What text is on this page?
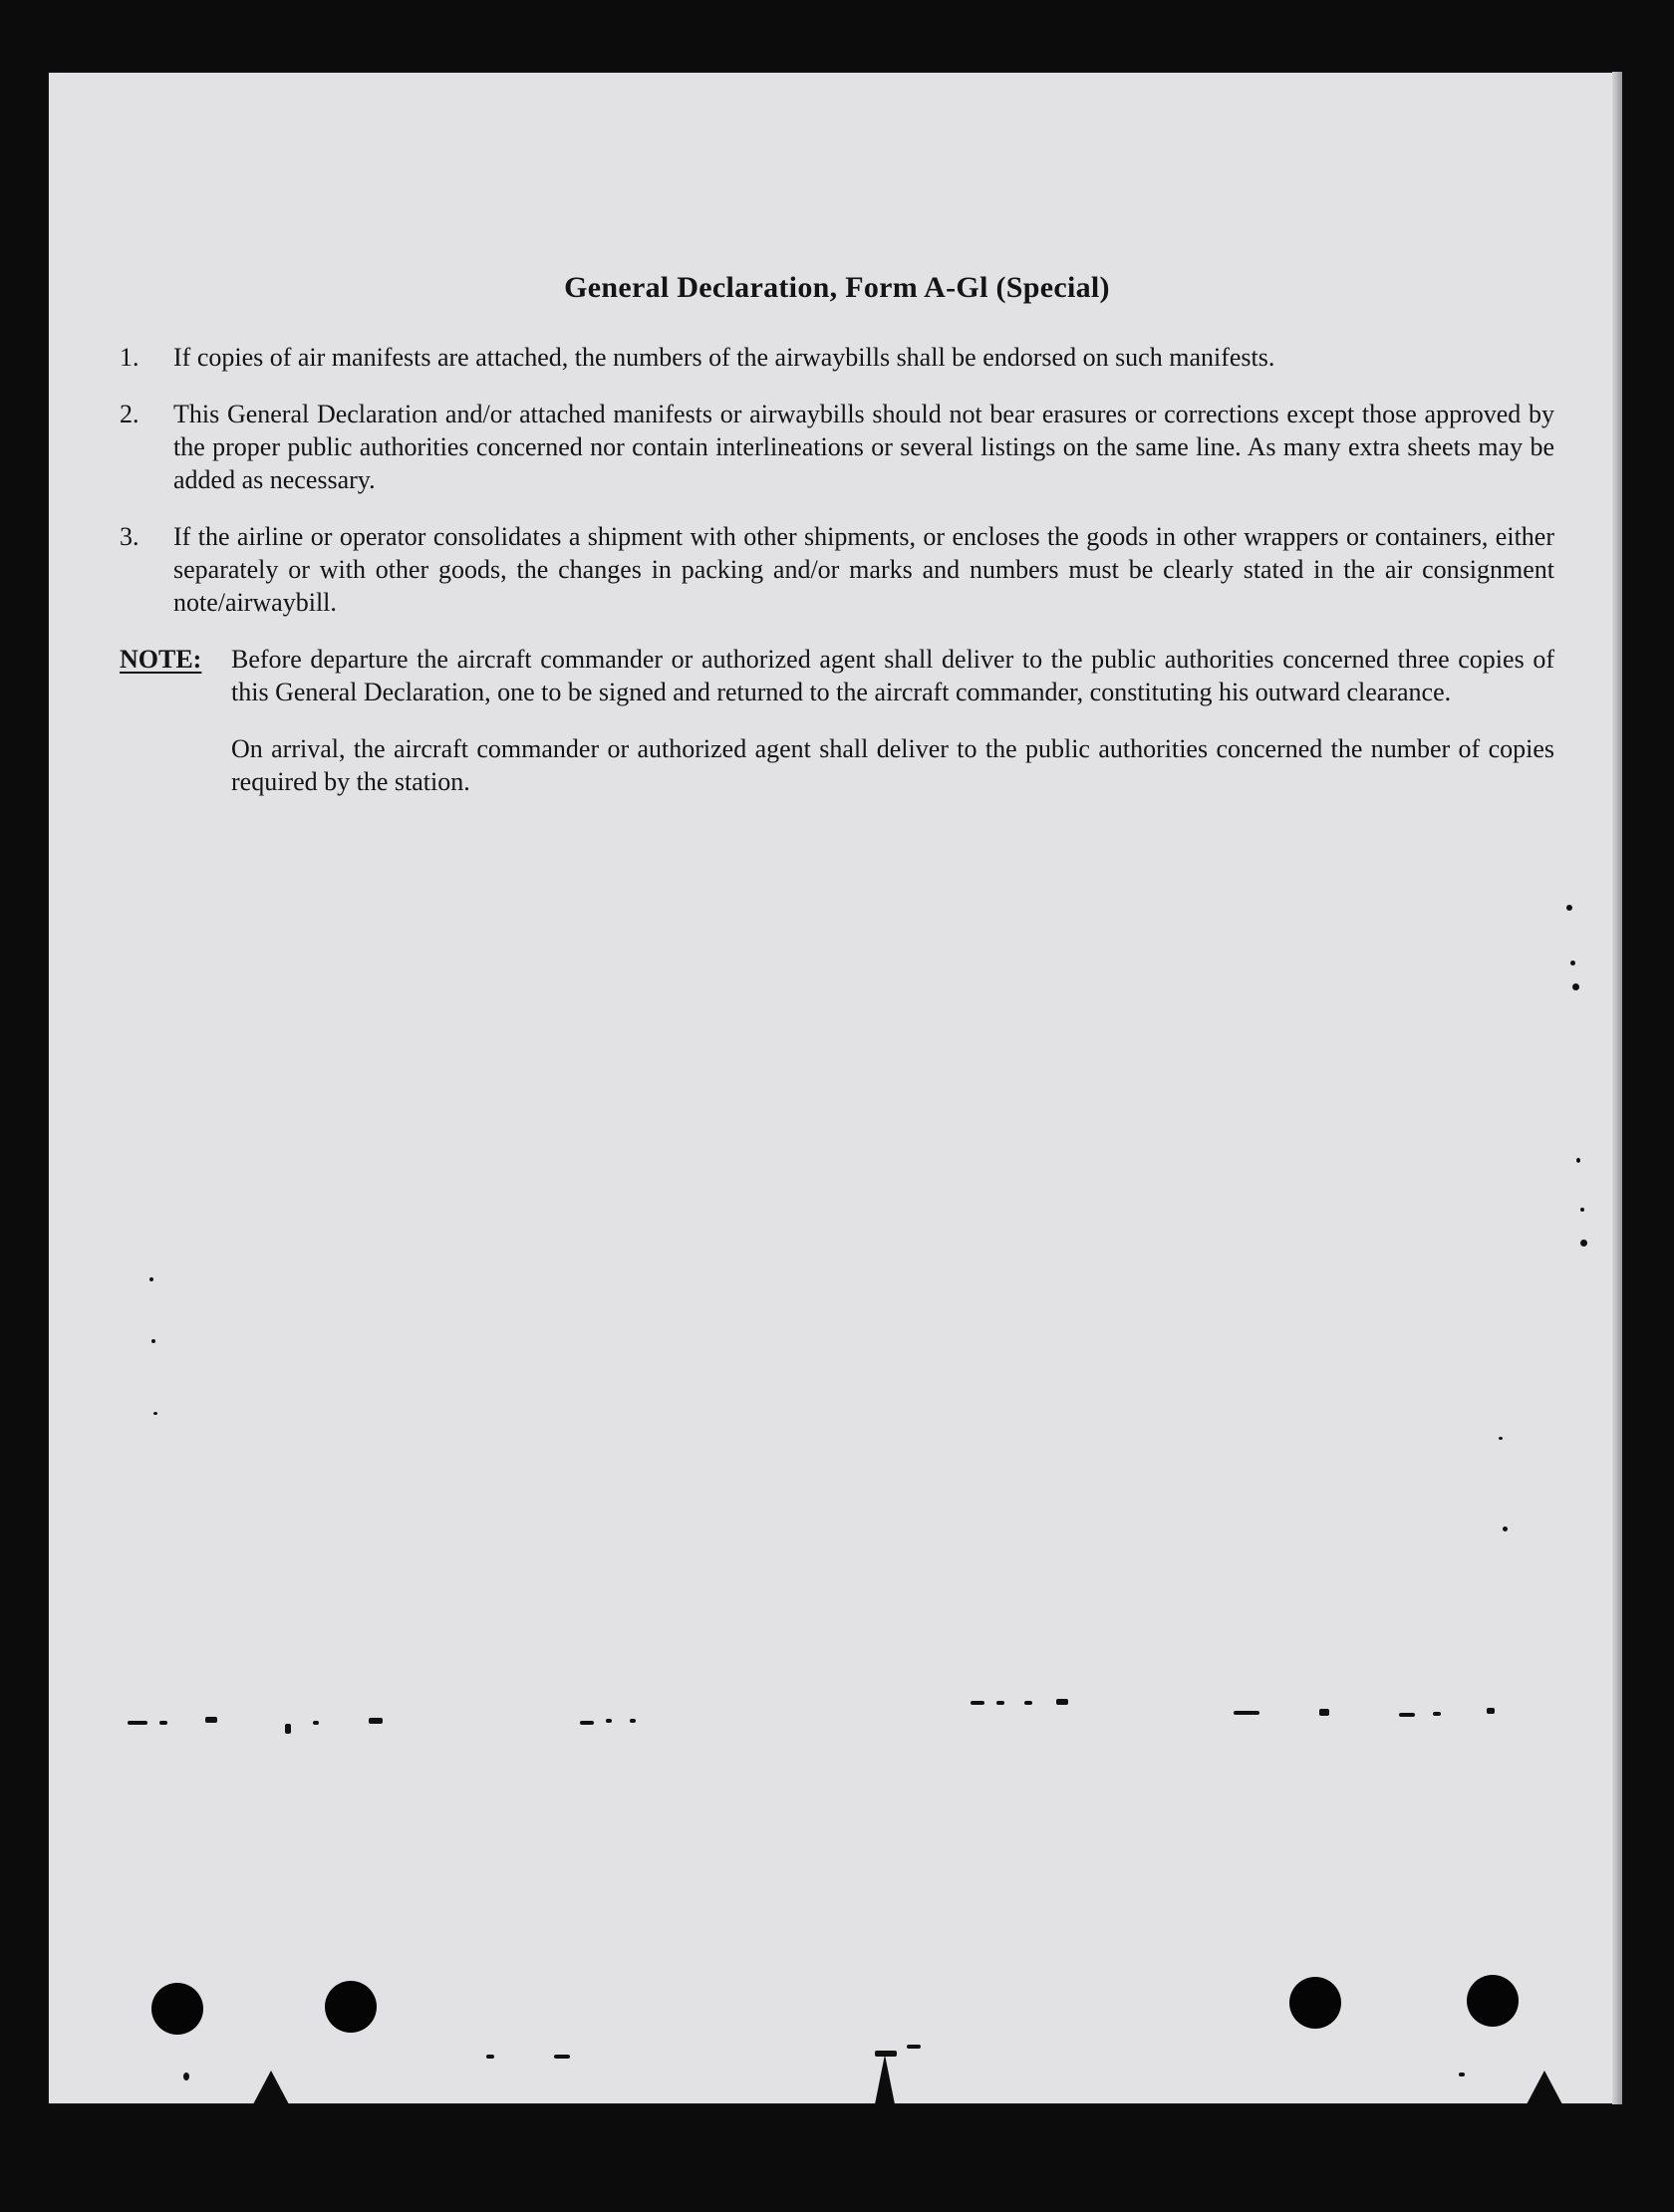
General Declaration, Form A-Gl (Special)
1.	If copies of air manifests are attached, the numbers of the airwaybills shall be endorsed on such manifests.
2.	This General Declaration and/or attached manifests or airwaybills should not bear erasures or corrections except those approved by the proper public authorities concerned nor contain interlineations or several listings on the same line. As many extra sheets may be added as necessary.
3.	If the airline or operator consolidates a shipment with other shipments, or encloses the goods in other wrappers or containers, either separately or with other goods, the changes in packing and/or marks and numbers must be clearly stated in the air consignment note/airwaybill.
NOTE:	Before departure the aircraft commander or authorized agent shall deliver to the public authorities concerned three copies of this General Declaration, one to be signed and returned to the aircraft commander, constituting his outward clearance.

On arrival, the aircraft commander or authorized agent shall deliver to the public authorities concerned the number of copies required by the station.
